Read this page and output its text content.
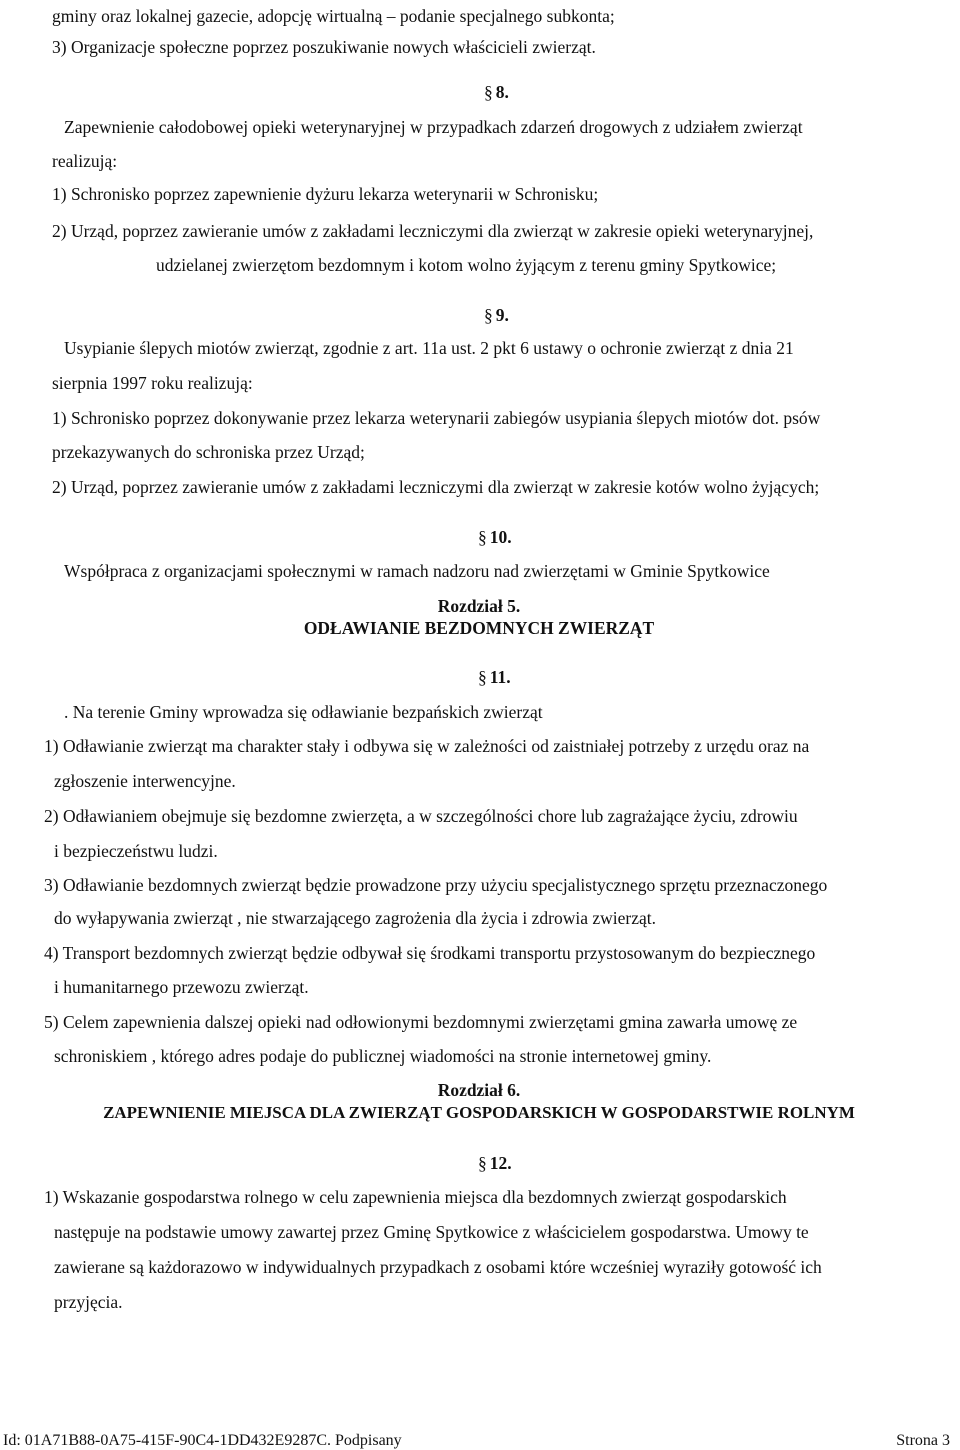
gminy oraz lokalnej gazecie, adopcję wirtualną – podanie specjalnego subkonta;
3) Organizacje społeczne poprzez poszukiwanie nowych właścicieli zwierząt.
§ 8.
Zapewnienie całodobowej opieki weterynaryjnej w przypadkach zdarzeń drogowych z udziałem zwierząt
realizują:
1) Schronisko poprzez zapewnienie dyżuru lekarza weterynarii w Schronisku;
2) Urząd, poprzez zawieranie umów z zakładami leczniczymi dla zwierząt w zakresie opieki weterynaryjnej,
udzielanej zwierzętom bezdomnym i kotom wolno żyjącym z terenu gminy Spytkowice;
§ 9.
Usypianie ślepych miotów zwierząt, zgodnie z art. 11a ust. 2 pkt 6 ustawy o ochronie zwierząt z dnia 21
sierpnia 1997 roku realizują:
1) Schronisko poprzez dokonywanie przez lekarza weterynarii zabiegów usypiania ślepych miotów dot. psów
przekazywanych do schroniska przez Urząd;
2) Urząd, poprzez zawieranie umów z zakładami leczniczymi dla zwierząt w zakresie kotów wolno żyjących;
§ 10.
Współpraca z organizacjami społecznymi w ramach nadzoru nad zwierzętami w Gminie Spytkowice
Rozdział 5.
ODŁAWIANIE BEZDOMNYCH ZWIERZĄT
§ 11.
. Na terenie Gminy wprowadza się odławianie bezpańskich zwierząt
1) Odławianie zwierząt ma charakter stały i odbywa się w zależności od zaistniałej potrzeby z urzędu oraz na
zgłoszenie interwencyjne.
2) Odławianiem obejmuje się bezdomne zwierzęta, a w szczególności chore lub zagrażające życiu, zdrowiu
i bezpieczeństwu ludzi.
3) Odławianie bezdomnych zwierząt będzie prowadzone przy użyciu specjalistycznego sprzętu przeznaczonego
do wyłapywania zwierząt , nie stwarzającego zagrożenia dla życia i zdrowia zwierząt.
4) Transport bezdomnych zwierząt będzie odbywał się środkami transportu przystosowanym do bezpiecznego
i humanitarnego przewozu zwierząt.
5) Celem zapewnienia dalszej opieki nad odłowionymi bezdomnymi zwierzętami gmina zawarła umowę ze
schroniskiem , którego adres podaje do publicznej wiadomości na stronie internetowej gminy.
Rozdział 6.
ZAPEWNIENIE MIEJSCA DLA ZWIERZĄT GOSPODARSKICH W GOSPODARSTWIE ROLNYM
§ 12.
1) Wskazanie gospodarstwa rolnego w celu zapewnienia miejsca dla bezdomnych zwierząt gospodarskich
następuje na podstawie umowy zawartej przez Gminę Spytkowice z właścicielem gospodarstwa. Umowy te
zawierane są każdorazowo w indywidualnych przypadkach z osobami które wcześniej wyraziły gotowość ich
przyjęcia.
Id: 01A71B88-0A75-415F-90C4-1DD432E9287C. Podpisany	Strona 3
